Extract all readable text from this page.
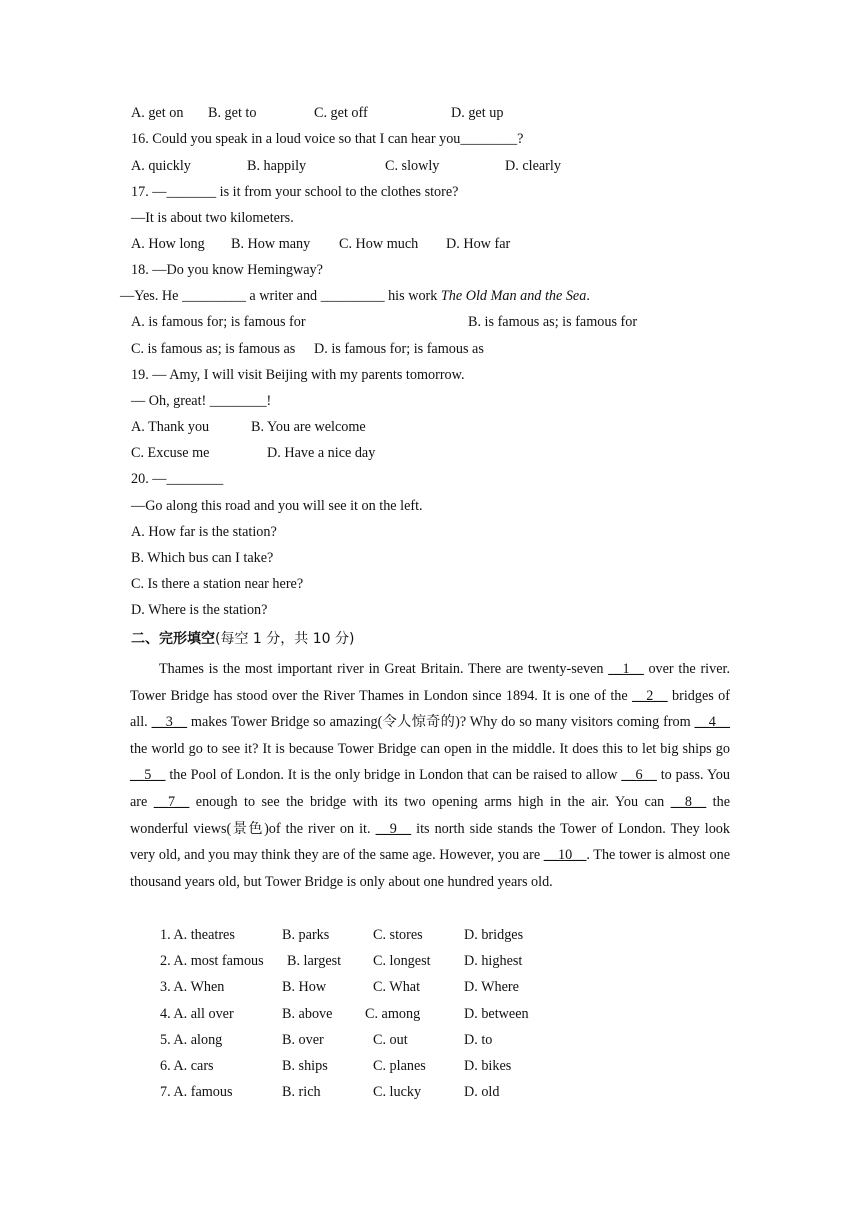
A. get on B. get to	C. get off	D. get up
16. Could you speak in a loud voice so that I can hear you________?
A. quickly	B. happily	C. slowly	D. clearly
17. —_______ is it from your school to the clothes store?
—It is about two kilometers.
A. How long B. How many C. How much D. How far
18. —Do you know Hemingway?
—Yes. He _________ a writer and _________ his work The Old Man and the Sea.
A. is famous for; is famous for	B. is famous as; is famous for
C. is famous as; is famous as D. is famous for; is famous as
19. — Amy, I will visit Beijing with my parents tomorrow.
— Oh, great! ________!
A. Thank you	B. You are welcome
C. Excuse me	D. Have a nice day
20. —________
—Go along this road and you will see it on the left.
A. How far is the station?
B. Which bus can I take?
C. Is there a station near here?
D. Where is the station?
二、完形填空(每空 1 分，共 10 分)
Thames is the most important river in Great Britain. There are twenty-seven __1__ over the river. Tower Bridge has stood over the River Thames in London since 1894. It is one of the __2__ bridges of all. __3__ makes Tower Bridge so amazing(令人惊奇的)? Why do so many visitors coming from __4__ the world go to see it? It is because Tower Bridge can open in the middle. It does this to let big ships go __5__ the Pool of London. It is the only bridge in London that can be raised to allow __6__ to pass. You are __7__ enough to see the bridge with its two opening arms high in the air. You can __8__ the wonderful views(景色)of the river on it. __9__ its north side stands the Tower of London. They look very old, and you may think they are of the same age. However, you are __10__. The tower is almost one thousand years old, but Tower Bridge is only about one hundred years old.
1. A. theatres	B. parks	C. stores	D. bridges
2. A. most famous B. largest C. longest D. highest
3. A. When	B. How	C. What	D. Where
4. A. all over	B. above C. among	D. between
5. A. along	B. over	C. out	D. to
6. A. cars	B. ships	C. planes	D. bikes
7. A. famous	B. rich	C. lucky	D. old
